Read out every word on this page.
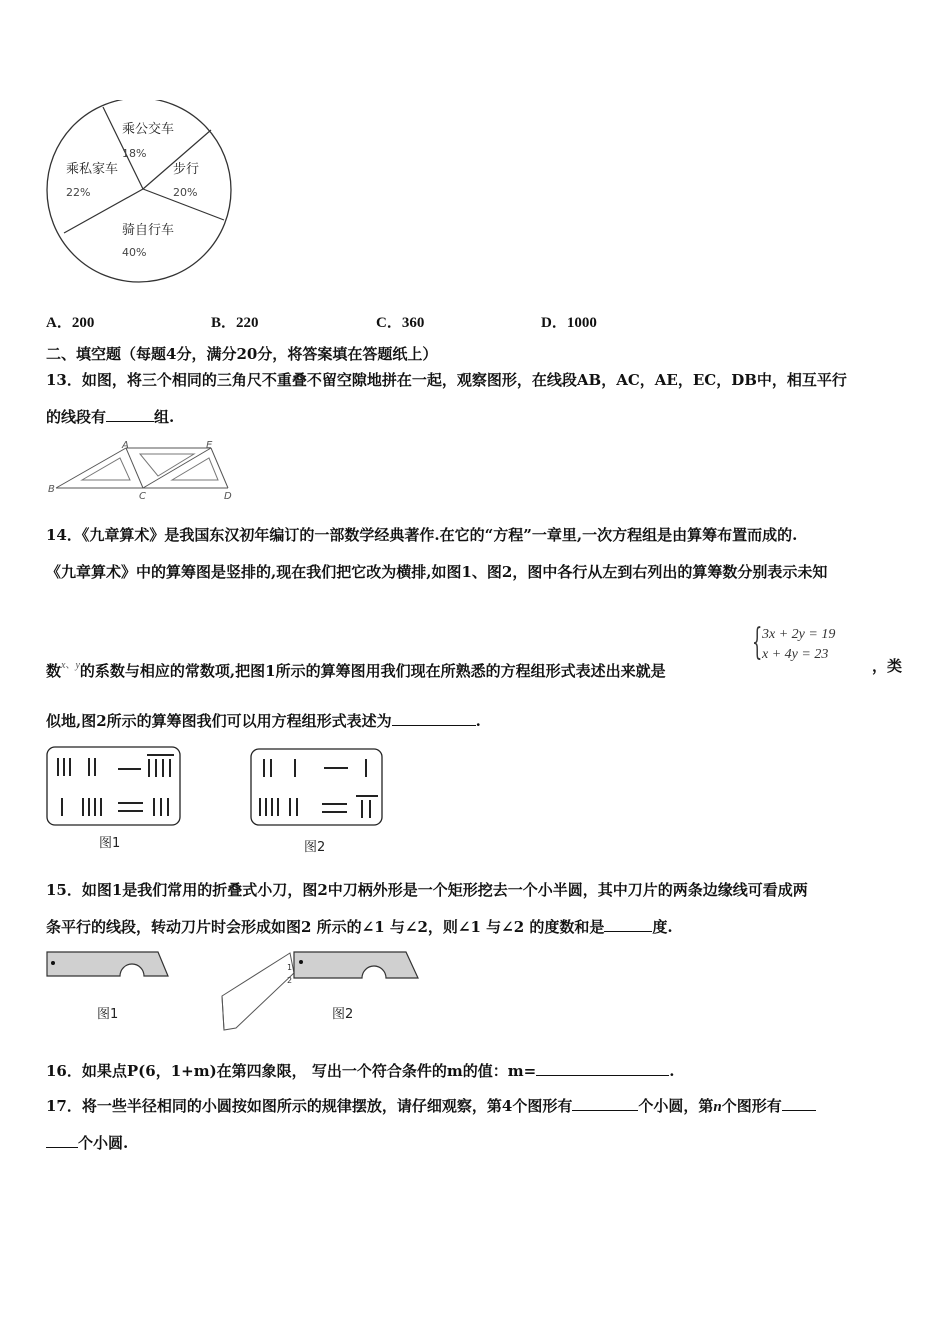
乘公交车
18%
步行
20%
骑自行车
40%
乘私家车
22%
A．200	B．220	C．360	D．1000
二、填空题（每题4分，满分20分，将答案填在答题纸上）
13．如图，将三个相同的三角尺不重叠不留空隙地拼在一起，观察图形，在线段AB，AC，AE，EC，DB中，相互平行
的线段有	组.
A	E
B
C	D
14．《九章算术》是我国东汉初年编订的一部数学经典著作.在它的“方程”一章里,一次方程组是由算筹布置而成的.
《九章算术》中的算筹图是竖排的,现在我们把它改为横排,如图1、图2，图中各行从左到右列出的算筹数分别表示未知
数$^{x、y}$的系数与相应的常数项,把图1所示的算筹图用我们现在所熟悉的方程组形式表述出来就是
{ 3x + 2y = 19
x + 4y = 23
，类
似地,图2所示的算筹图我们可以用方程组形式表述为	.
图1	图2
15．如图1是我们常用的折叠式小刀，图2中刀柄外形是一个矩形挖去一个小半圆，其中刀片的两条边缘线可看成两
条平行的线段，转动刀片时会形成如图2 所示的∠1 与∠2，则∠1 与∠2 的度数和是	度.
图1
1
2
图2
16．如果点P(6，1+m)在第四象限， 写出一个符合条件的m的值：m=	.
17．将一些半径相同的小圆按如图所示的规律摆放，请仔细观察，第4个图形有	个小圆，第n个图形有
个小圆.
